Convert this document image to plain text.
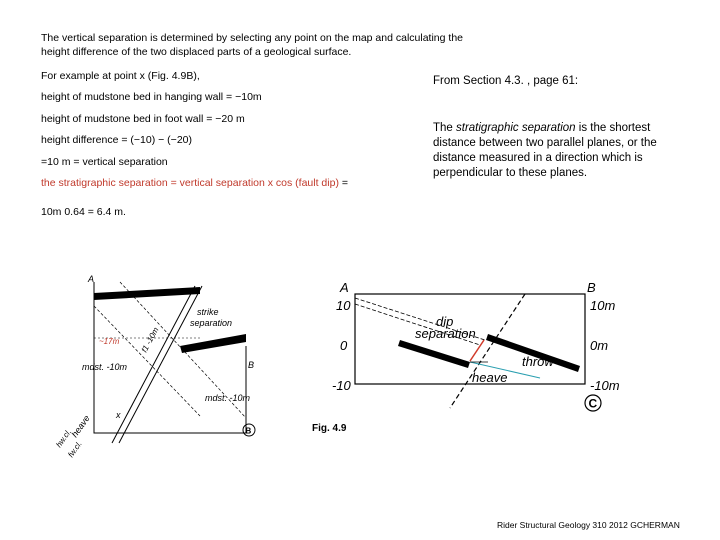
The vertical separation is determined by selecting any point on the map and calculating the height difference of the two displaced parts of a geological surface.
For example at point x (Fig. 4.9B),
height of mudstone bed in hanging wall = −10m
height of mudstone bed in foot wall = −20 m
height difference = (−10) − (−20)
=10 m = vertical separation
the stratigraphic separation = vertical separation x cos (fault dip) =
10m 0.64 = 6.4 m.
From Section 4.3. , page 61:
The stratigraphic separation is the shortest distance between two parallel planes, or the distance measured in a direction which is perpendicular to these planes.
A
B
strike
separation
f1 -10m
~17m
mdst. -10m
mdst. -10m
heave	x
hw.cl.
fw.cl.
B
A	B
10
0
-10
10m
0m
-10m
dip
separation
throw
heave
C
Fig. 4.9
Rider Structural Geology 310 2012 GCHERMAN
